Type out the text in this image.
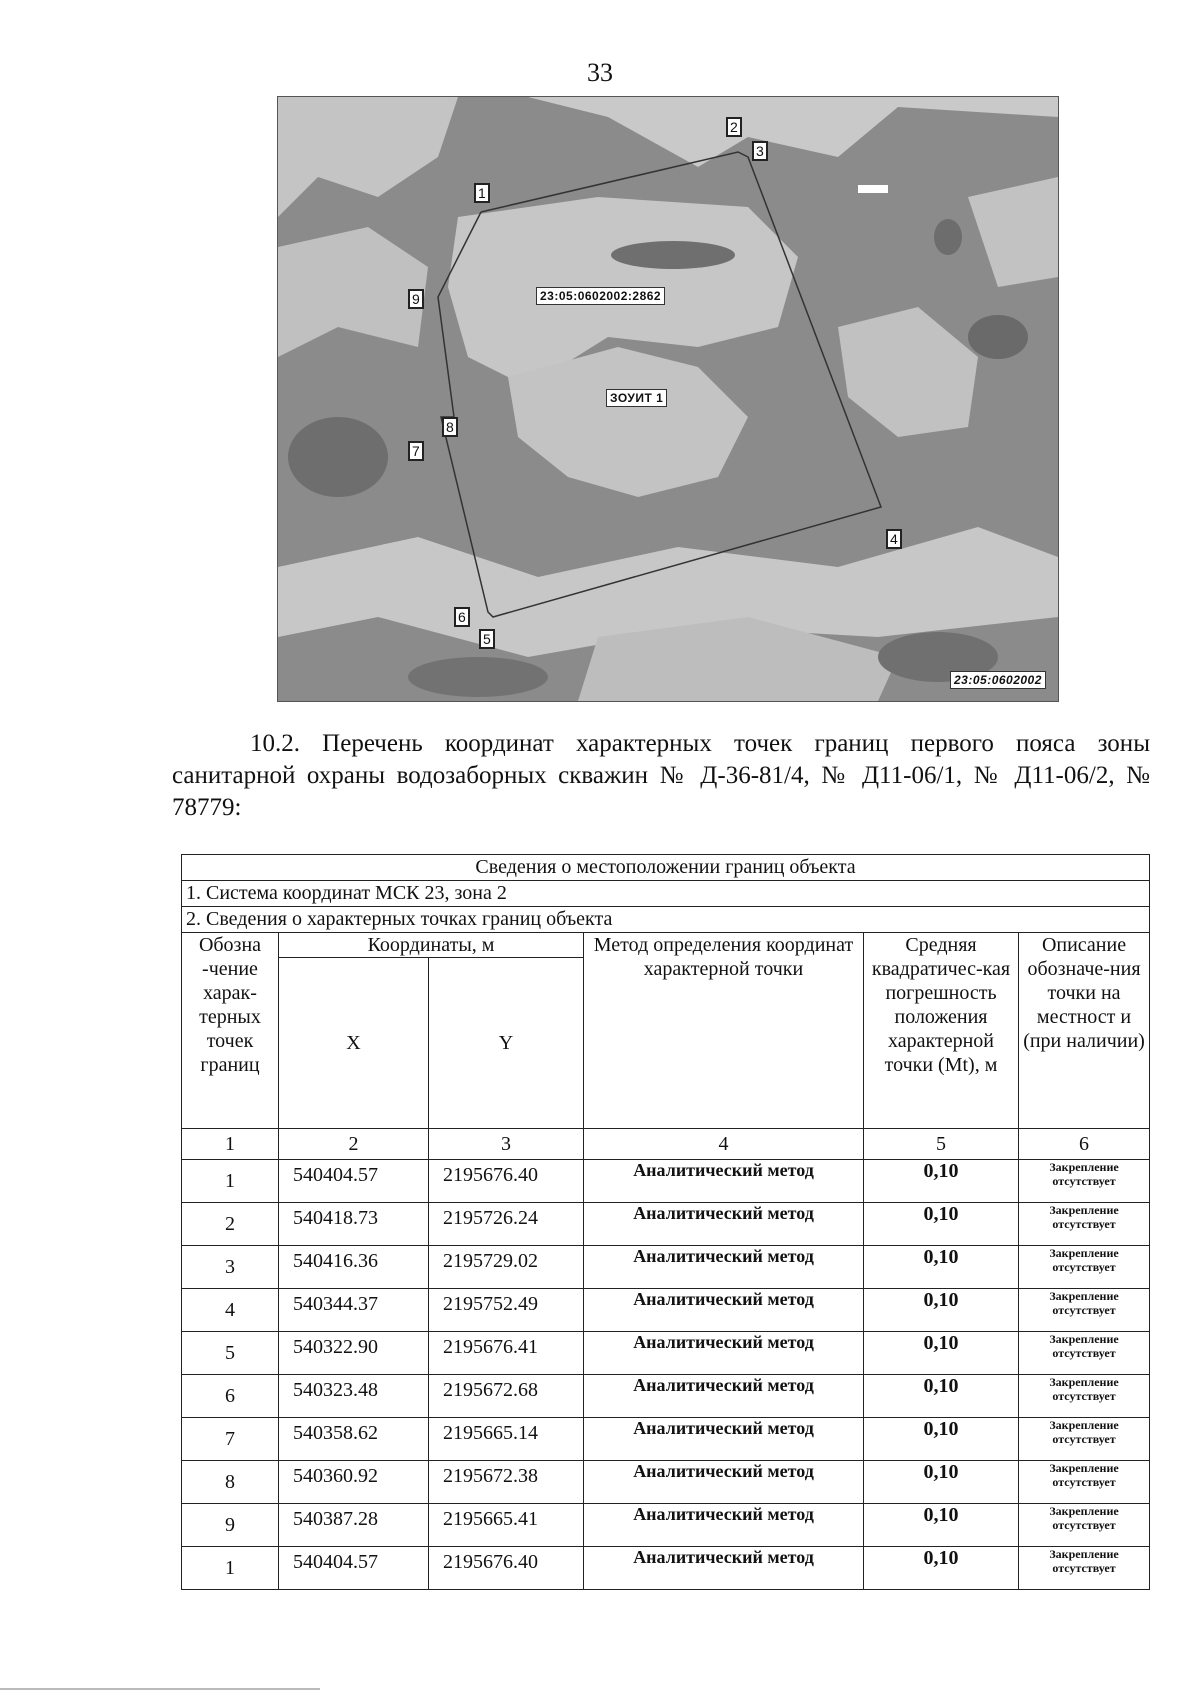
33
1
2
3
4
5
6
7
8
9	23:05:0602002:2862
ЗОУИТ 1
23:05:0602002
10.2. Перечень координат характерных точек границ первого пояса зоны санитарной охраны водозаборных скважин № Д-36-81/4, № Д11-06/1, № Д11-06/2, № 78779:
Сведения о местоположении границ объекта					
1. Система координат МСК 23, зона 2					
2. Сведения о характерных точках границ объекта					
Обозна -чение харак-терных точек границ	Координаты, м		Метод определения координат характерной точки	Средняя квадратичес-кая погрешность положения характерной точки (Mt), м	Описание обозначе-ния точки на местност и (при наличии)
	X	Y			
1	2	3	4	5	6
1	540404.57	2195676.40	Аналитический метод	0,10	Закрепление отсутствует
2	540418.73	2195726.24	Аналитический метод	0,10	Закрепление отсутствует
3	540416.36	2195729.02	Аналитический метод	0,10	Закрепление отсутствует
4	540344.37	2195752.49	Аналитический метод	0,10	Закрепление отсутствует
5	540322.90	2195676.41	Аналитический метод	0,10	Закрепление отсутствует
6	540323.48	2195672.68	Аналитический метод	0,10	Закрепление отсутствует
7	540358.62	2195665.14	Аналитический метод	0,10	Закрепление отсутствует
8	540360.92	2195672.38	Аналитический метод	0,10	Закрепление отсутствует
9	540387.28	2195665.41	Аналитический метод	0,10	Закрепление отсутствует
1	540404.57	2195676.40	Аналитический метод	0,10	Закрепление отсутствует
